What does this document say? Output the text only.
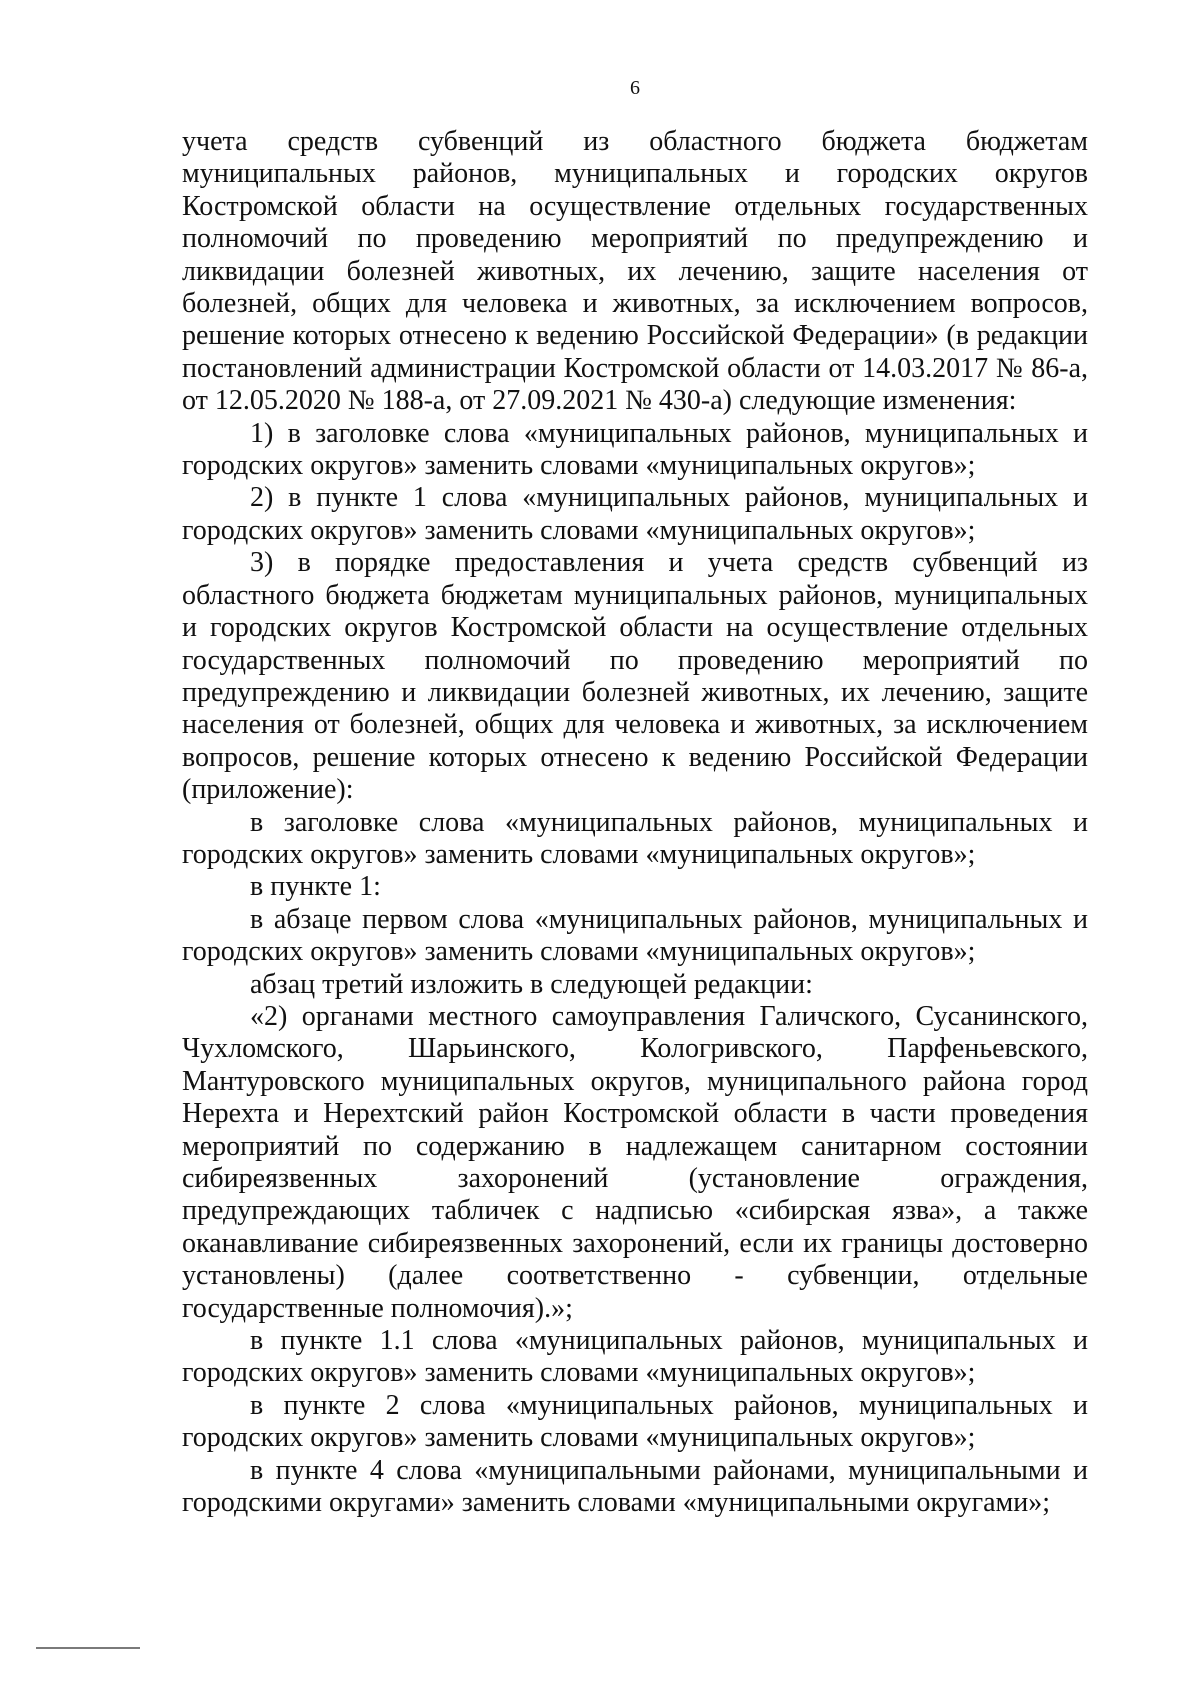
6

учета средств субвенций из областного бюджета бюджетам муниципальных районов, муниципальных и городских округов Костромской области на осуществление отдельных государственных полномочий по проведению мероприятий по предупреждению и ликвидации болезней животных, их лечению, защите населения от болезней, общих для человека и животных, за исключением вопросов, решение которых отнесено к ведению Российской Федерации» (в редакции постановлений администрации Костромской области от 14.03.2017 № 86-а, от 12.05.2020 № 188-а, от 27.09.2021 № 430-а) следующие изменения:

1) в заголовке слова «муниципальных районов, муниципальных и городских округов» заменить словами «муниципальных округов»;

2) в пункте 1 слова «муниципальных районов, муниципальных и городских округов» заменить словами «муниципальных округов»;

3) в порядке предоставления и учета средств субвенций из областного бюджета бюджетам муниципальных районов, муниципальных и городских округов Костромской области на осуществление отдельных государственных полномочий по проведению мероприятий по предупреждению и ликвидации болезней животных, их лечению, защите населения от болезней, общих для человека и животных, за исключением вопросов, решение которых отнесено к ведению Российской Федерации (приложение):

в заголовке слова «муниципальных районов, муниципальных и городских округов» заменить словами «муниципальных округов»;

в пункте 1:

в абзаце первом слова «муниципальных районов, муниципальных и городских округов» заменить словами «муниципальных округов»;

абзац третий изложить в следующей редакции:

«2) органами местного самоуправления Галичского, Сусанинского, Чухломского, Шарьинского, Кологривского, Парфеньевского, Мантуровского муниципальных округов, муниципального района город Нерехта и Нерехтский район Костромской области в части проведения мероприятий по содержанию в надлежащем санитарном состоянии сибиреязвенных захоронений (установление ограждения, предупреждающих табличек с надписью «сибирская язва», а также оканавливание сибиреязвенных захоронений, если их границы достоверно установлены) (далее соответственно - субвенции, отдельные государственные полномочия).»;

в пункте 1.1 слова «муниципальных районов, муниципальных и городских округов» заменить словами «муниципальных округов»;

в пункте 2 слова «муниципальных районов, муниципальных и городских округов» заменить словами «муниципальных округов»;

в пункте 4 слова «муниципальными районами, муниципальными и городскими округами» заменить словами «муниципальными округами»;
